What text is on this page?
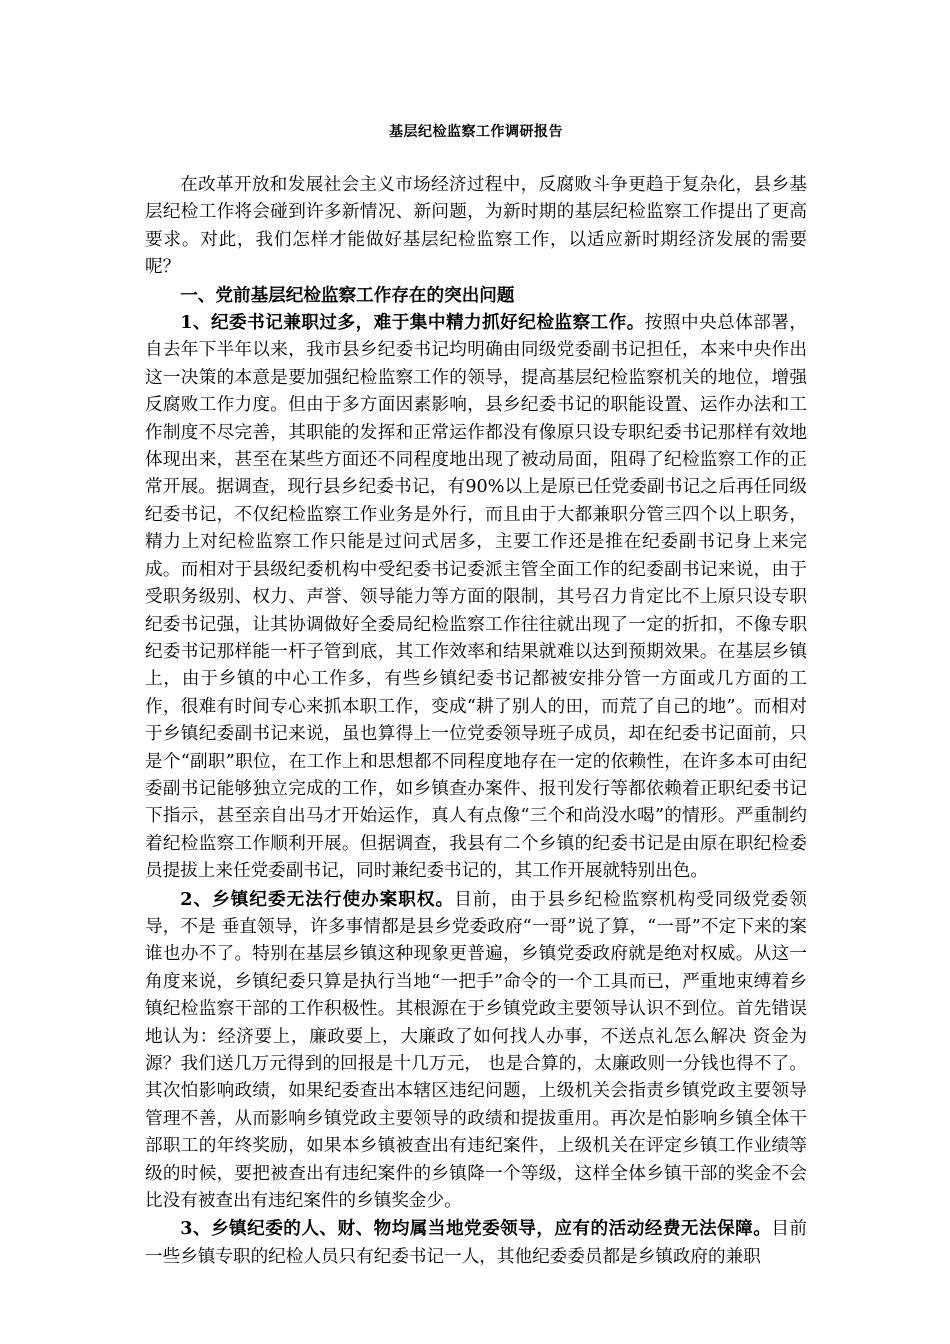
基层纪检监察工作调研报告

在改革开放和发展社会主义市场经济过程中，反腐败斗争更趋于复杂化，县乡基层纪检工作将会碰到许多新情况、新问题，为新时期的基层纪检监察工作提出了更高要求。对此，我们怎样才能做好基层纪检监察工作，以适应新时期经济发展的需要呢？

一、党前基层纪检监察工作存在的突出问题

1、纪委书记兼职过多，难于集中精力抓好纪检监察工作。按照中央总体部署，自去年下半年以来，我市县乡纪委书记均明确由同级党委副书记担任，本来中央作出这一决策的本意是要加强纪检监察工作的领导，提高基层纪检监察机关的地位，增强反腐败工作力度。但由于多方面因素影响，县乡纪委书记的职能设置、运作办法和工作制度不尽完善，其职能的发挥和正常运作都没有像原只设专职纪委书记那样有效地体现出来，甚至在某些方面还不同程度地出现了被动局面，阻碍了纪检监察工作的正常开展。据调查，现行县乡纪委书记，有90%以上是原已任党委副书记之后再任同级纪委书记，不仅纪检监察工作业务是外行，而且由于大都兼职分管三四个以上职务，精力上对纪检监察工作只能是过问式居多，主要工作还是推在纪委副书记身上来完成。而相对于县级纪委机构中受纪委书记委派主管全面工作的纪委副书记来说，由于受职务级别、权力、声誉、领导能力等方面的限制，其号召力肯定比不上原只设专职纪委书记强，让其协调做好全委局纪检监察工作往往就出现了一定的折扣，不像专职纪委书记那样能一杆子管到底，其工作效率和结果就难以达到预期效果。在基层乡镇上，由于乡镇的中心工作多，有些乡镇纪委书记都被安排分管一方面或几方面的工作，很难有时间专心来抓本职工作，变成“耕了别人的田，而荒了自己的地”。而相对于乡镇纪委副书记来说，虽也算得上一位党委领导班子成员，却在纪委书记面前，只是个“副职”职位，在工作上和思想都不同程度地存在一定的依赖性，在许多本可由纪委副书记能够独立完成的工作，如乡镇查办案件、报刊发行等都依赖着正职纪委书记下指示，甚至亲自出马才开始运作，真人有点像“三个和尚没水喝”的情形。严重制约着纪检监察工作顺利开展。但据调查，我县有二个乡镇的纪委书记是由原在职纪检委员提拔上来任党委副书记，同时兼纪委书记的，其工作开展就特别出色。

2、乡镇纪委无法行使办案职权。目前，由于县乡纪检监察机构受同级党委领导，不是 垂直领导，许多事情都是县乡党委政府“一哥”说了算，“一哥”不定下来的案谁也办不了。特别在基层乡镇这种现象更普遍，乡镇党委政府就是绝对权威。从这一角度来说，乡镇纪委只算是执行当地“一把手”命令的一个工具而已，严重地束缚着乡镇纪检监察干部的工作积极性。其根源在于乡镇党政主要领导认识不到位。首先错误地认为：经济要上，廉政要上，大廉政了如何找人办事，不送点礼怎么解决 资金为源？我们送几万元得到的回报是十几万元， 也是合算的，太廉政则一分钱也得不了。其次怕影响政绩，如果纪委查出本辖区违纪问题，上级机关会指责乡镇党政主要领导管理不善，从而影响乡镇党政主要领导的政绩和提拔重用。再次是怕影响乡镇全体干部职工的年终奖励，如果本乡镇被查出有违纪案件，上级机关在评定乡镇工作业绩等级的时候，要把被查出有违纪案件的乡镇降一个等级，这样全体乡镇干部的奖金不会比没有被查出有违纪案件的乡镇奖金少。

3、乡镇纪委的人、财、物均属当地党委领导，应有的活动经费无法保障。目前一些乡镇专职的纪检人员只有纪委书记一人，其他纪委委员都是乡镇政府的兼职
